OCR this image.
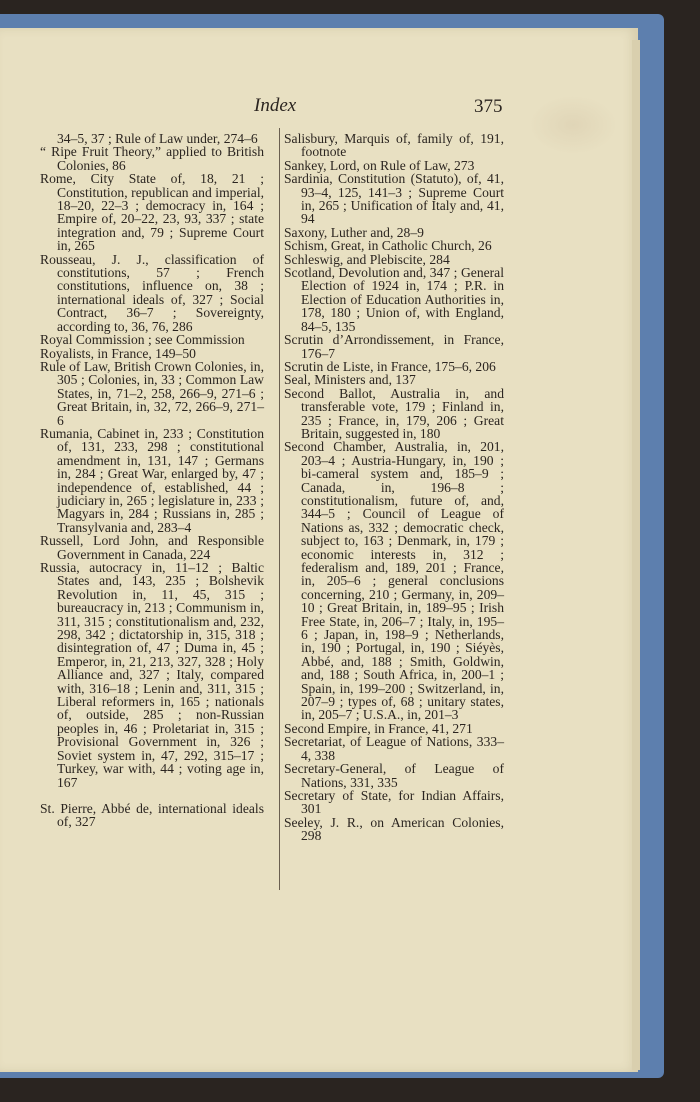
Index	375

34–5, 37 ; Rule of Law under, 274–6

“ Ripe Fruit Theory,” applied to British Colonies, 86

Rome, City State of, 18, 21 ; Constitution, republican and imperial, 18–20, 22–3 ; democracy in, 164 ; Empire of, 20–22, 23, 93, 337 ; state integration and, 79 ; Supreme Court in, 265

Rousseau, J. J., classification of constitutions, 57 ; French constitutions, influence on, 38 ; international ideals of, 327 ; Social Contract, 36–7 ; Sovereignty, according to, 36, 76, 286

Royal Commission ; see Commission

Royalists, in France, 149–50

Rule of Law, British Crown Colonies, in, 305 ; Colonies, in, 33 ; Common Law States, in, 71–2, 258, 266–9, 271–6 ; Great Britain, in, 32, 72, 266–9, 271–6

Rumania, Cabinet in, 233 ; Constitution of, 131, 233, 298 ; constitutional amendment in, 131, 147 ; Germans in, 284 ; Great War, enlarged by, 47 ; independence of, established, 44 ; judiciary in, 265 ; legislature in, 233 ; Magyars in, 284 ; Russians in, 285 ; Transylvania and, 283–4

Russell, Lord John, and Responsible Government in Canada, 224

Russia, autocracy in, 11–12 ; Baltic States and, 143, 235 ; Bolshevik Revolution in, 11, 45, 315 ; bureaucracy in, 213 ; Communism in, 311, 315 ; constitutionalism and, 232, 298, 342 ; dictatorship in, 315, 318 ; disintegration of, 47 ; Duma in, 45 ; Emperor, in, 21, 213, 327, 328 ; Holy Alliance and, 327 ; Italy, compared with, 316–18 ; Lenin and, 311, 315 ; Liberal reformers in, 165 ; nationals of, outside, 285 ; non-Russian peoples in, 46 ; Proletariat in, 315 ; Provisional Government in, 326 ; Soviet system in, 47, 292, 315–17 ; Turkey, war with, 44 ; voting age in, 167

St. Pierre, Abbé de, international ideals of, 327

Salisbury, Marquis of, family of, 191, footnote

Sankey, Lord, on Rule of Law, 273

Sardinia, Constitution (Statuto), of, 41, 93–4, 125, 141–3 ; Supreme Court in, 265 ; Unification of Italy and, 41, 94

Saxony, Luther and, 28–9

Schism, Great, in Catholic Church, 26

Schleswig, and Plebiscite, 284

Scotland, Devolution and, 347 ; General Election of 1924 in, 174 ; P.R. in Election of Education Authorities in, 178, 180 ; Union of, with England, 84–5, 135

Scrutin d’Arrondissement, in France, 176–7

Scrutin de Liste, in France, 175–6, 206

Seal, Ministers and, 137

Second Ballot, Australia in, and transferable vote, 179 ; Finland in, 235 ; France, in, 179, 206 ; Great Britain, suggested in, 180

Second Chamber, Australia, in, 201, 203–4 ; Austria-Hungary, in, 190 ; bi-cameral system and, 185–9 ; Canada, in, 196–8 ; constitutionalism, future of, and, 344–5 ; Council of League of Nations as, 332 ; democratic check, subject to, 163 ; Denmark, in, 179 ; economic interests in, 312 ; federalism and, 189, 201 ; France, in, 205–6 ; general conclusions concerning, 210 ; Germany, in, 209–10 ; Great Britain, in, 189–95 ; Irish Free State, in, 206–7 ; Italy, in, 195–6 ; Japan, in, 198–9 ; Netherlands, in, 190 ; Portugal, in, 190 ; Siéyès, Abbé, and, 188 ; Smith, Goldwin, and, 188 ; South Africa, in, 200–1 ; Spain, in, 199–200 ; Switzerland, in, 207–9 ; types of, 68 ; unitary states, in, 205–7 ; U.S.A., in, 201–3

Second Empire, in France, 41, 271

Secretariat, of League of Nations, 333–4, 338

Secretary-General, of League of Nations, 331, 335

Secretary of State, for Indian Affairs, 301

Seeley, J. R., on American Colonies, 298
